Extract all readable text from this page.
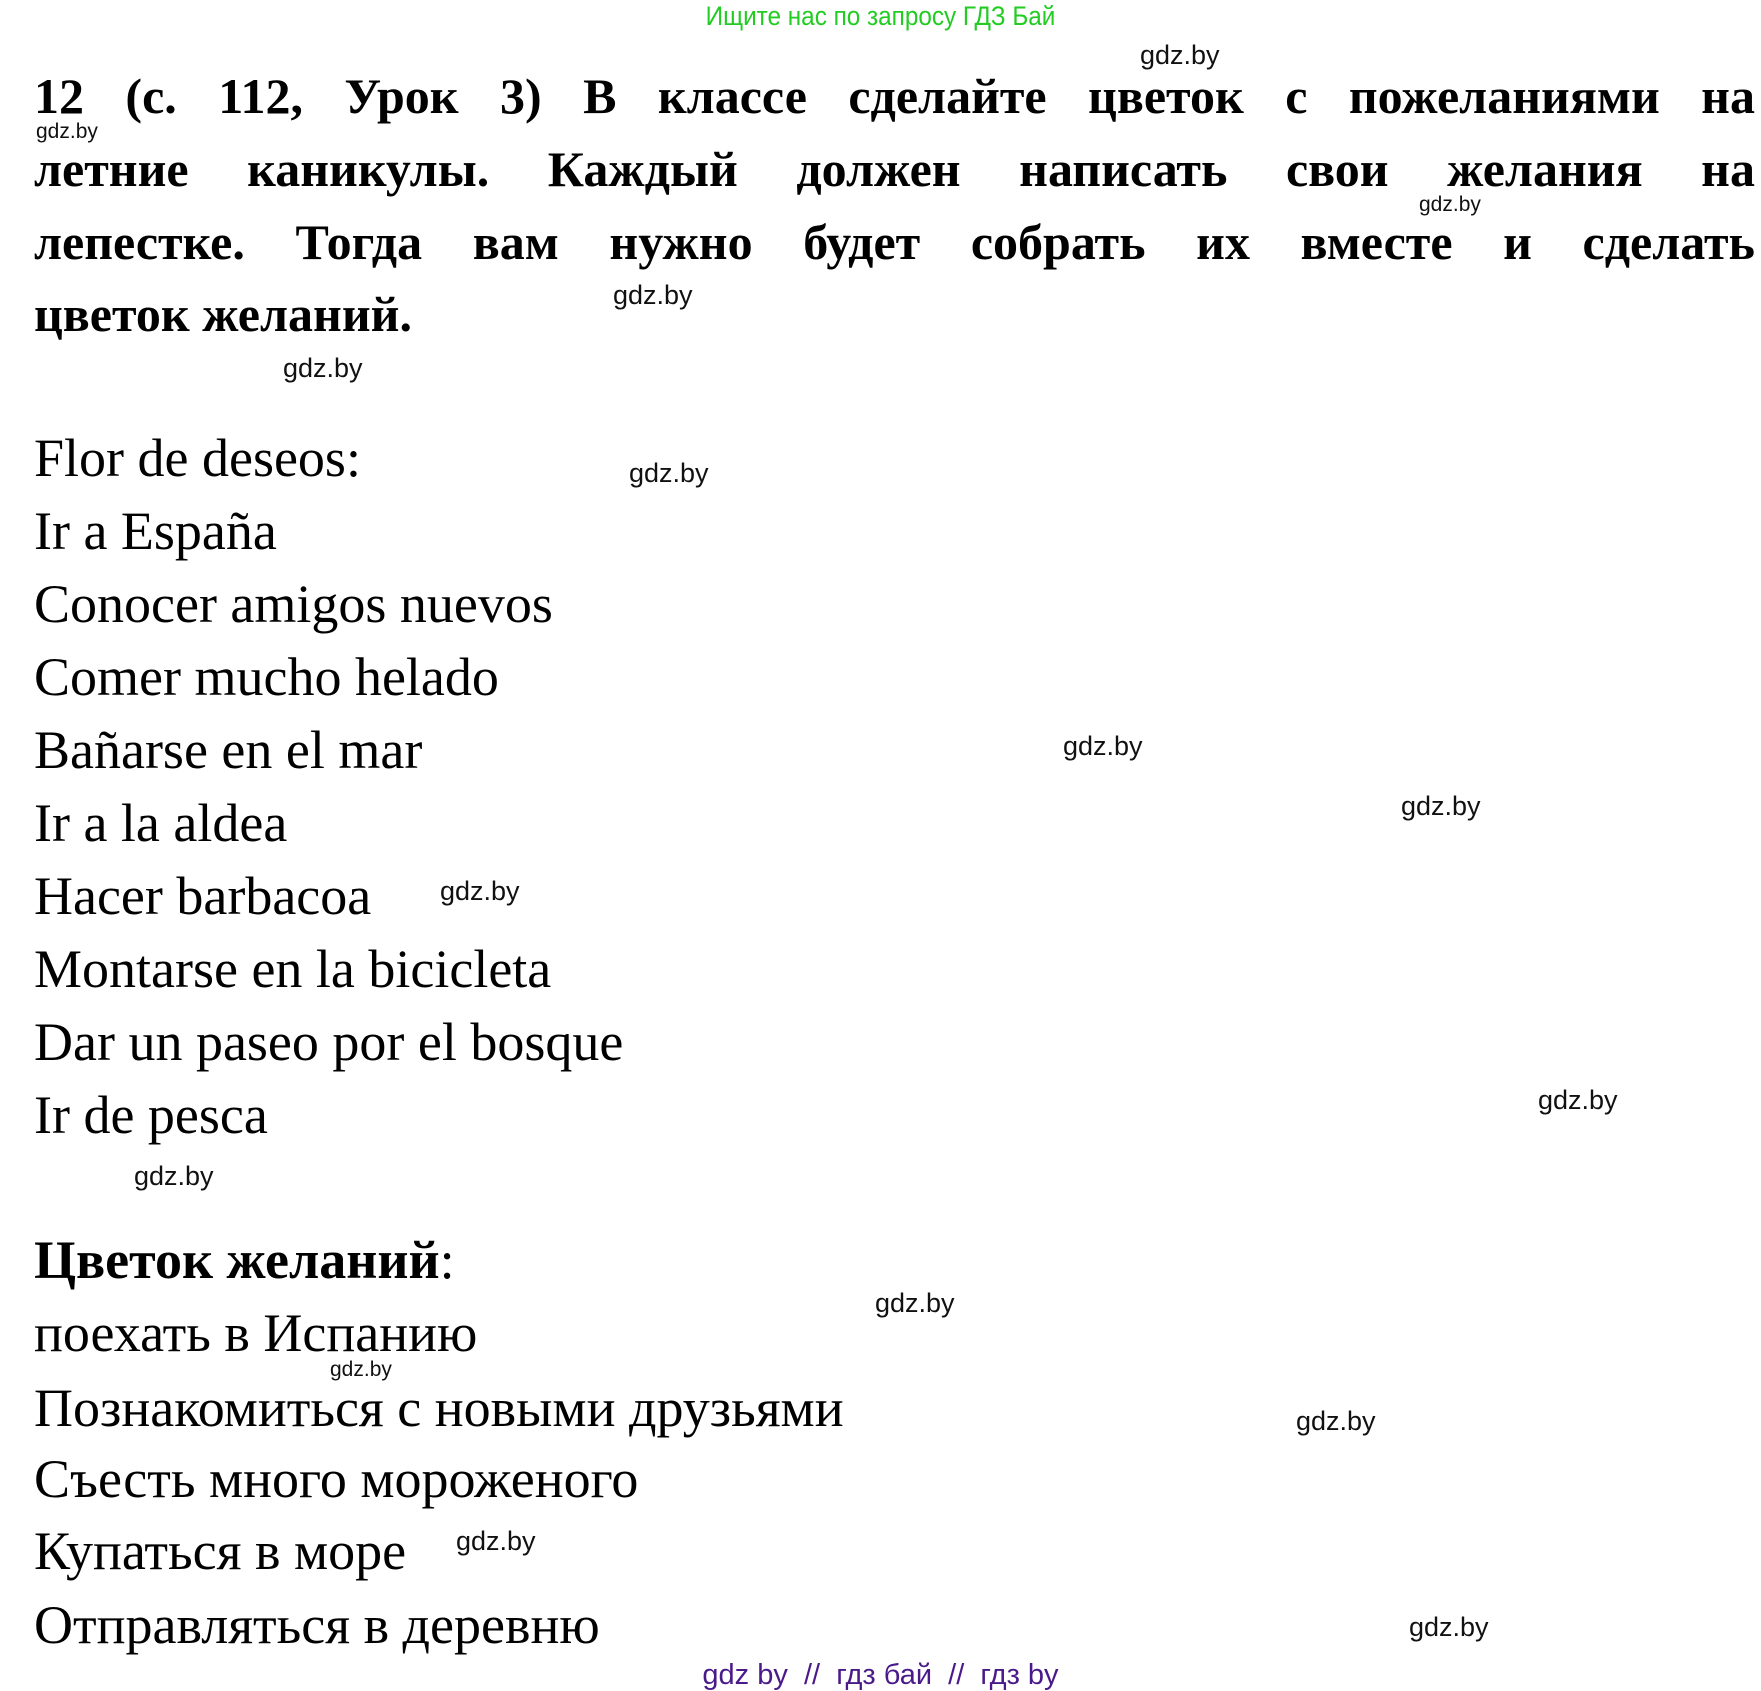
Ищите нас по запросу ГДЗ Бай
12 (с. 112, Урок 3) В классе сделайте цветок с пожеланиями на
летние каникулы. Каждый должен написать свои желания на
лепестке. Тогда вам нужно будет собрать их вместе и сделать
цветок желаний.
Flor de deseos:
Ir a España
Conocer amigos nuevos
Comer mucho helado
Bañarse en el mar
Ir a la aldea
Hacer barbacoa
Montarse en la bicicleta
Dar un paseo por el bosque
Ir de pesca
Цветок желаний:
поехать в Испанию
Познакомиться с новыми друзьями
Съесть много мороженого
Купаться в море
Отправляться в деревню
gdz.by
gdz.by
gdz.by
gdz.by
gdz.by
gdz.by
gdz.by
gdz.by
gdz.by
gdz.by
gdz.by
gdz.by
gdz.by
gdz.by
gdz.by
gdz.by
gdz by  //  гдз бай  //  гдз by
